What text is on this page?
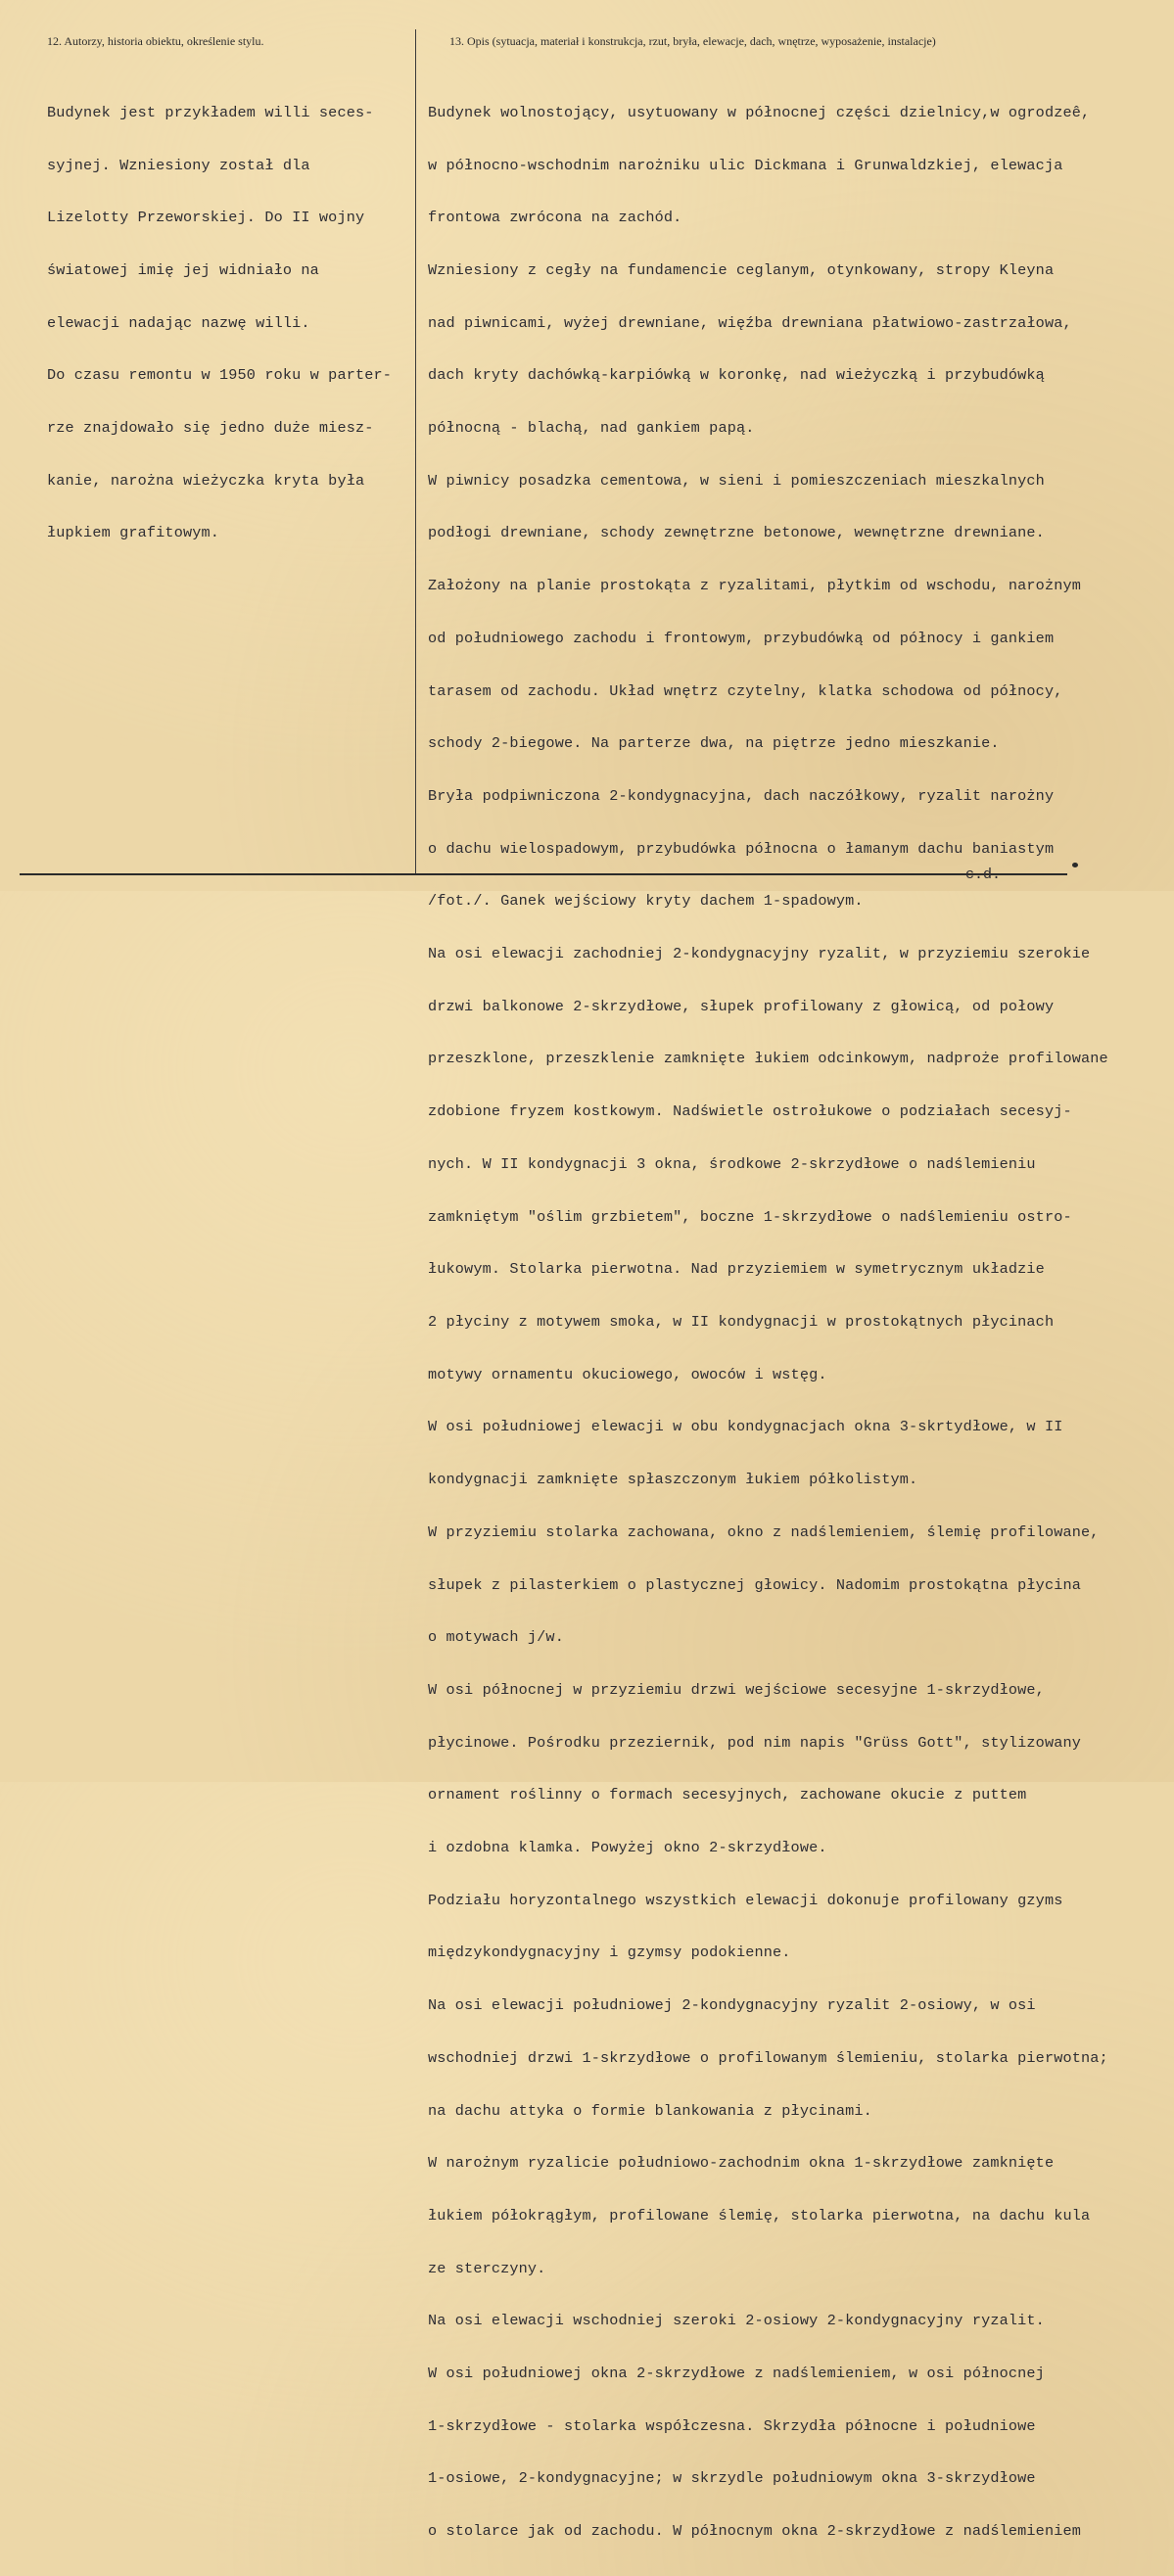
12. Autorzy, historia obiektu, określenie stylu.	13. Opis (sytuacja, materiał i konstrukcja, rzut, bryła, elewacje, dach, wnętrze, wyposażenie, instalacje)

Budynek jest przykładem willi seces-

syjnej. Wzniesiony został dla

Lizelotty Przeworskiej. Do II wojny

światowej imię jej widniało na

elewacji nadając nazwę willi.

Do czasu remontu w 1950 roku w parter-

rze znajdowało się jedno duże miesz-

kanie, narożna wieżyczka kryta była

łupkiem grafitowym.

Budynek wolnostojący, usytuowany w północnej części dzielnicy,w ogrodzeê,

w północno-wschodnim narożniku ulic Dickmana i Grunwaldzkiej, elewacja

frontowa zwrócona na zachód.

Wzniesiony z cegły na fundamencie ceglanym, otynkowany, stropy Kleyna

nad piwnicami, wyżej drewniane, więźba drewniana płatwiowo-zastrzałowa,

dach kryty dachówką-karpiówką w koronkę, nad wieżyczką i przybudówką

północną - blachą, nad gankiem papą.

W piwnicy posadzka cementowa, w sieni i pomieszczeniach mieszkalnych

podłogi drewniane, schody zewnętrzne betonowe, wewnętrzne drewniane.

Założony na planie prostokąta z ryzalitami, płytkim od wschodu, narożnym

od południowego zachodu i frontowym, przybudówką od północy i gankiem

tarasem od zachodu. Układ wnętrz czytelny, klatka schodowa od północy,

schody 2-biegowe. Na parterze dwa, na piętrze jedno mieszkanie.

Bryła podpiwniczona 2-kondygnacyjna, dach naczółkowy, ryzalit narożny

o dachu wielospadowym, przybudówka północna o łamanym dachu baniastym

/fot./. Ganek wejściowy kryty dachem 1-spadowym.

Na osi elewacji zachodniej 2-kondygnacyjny ryzalit, w przyziemiu szerokie

drzwi balkonowe 2-skrzydłowe, słupek profilowany z głowicą, od połowy

przeszklone, przeszklenie zamknięte łukiem odcinkowym, nadproże profilowane

zdobione fryzem kostkowym. Nadświetle ostrołukowe o podziałach secesyj-

nych. W II kondygnacji 3 okna, środkowe 2-skrzydłowe o nadślemieniu

zamkniętym "oślim grzbietem", boczne 1-skrzydłowe o nadślemieniu ostro-

łukowym. Stolarka pierwotna. Nad przyziemiem w symetrycznym układzie

2 płyciny z motywem smoka, w II kondygnacji w prostokątnych płycinach

motywy ornamentu okuciowego, owoców i wstęg.

W osi południowej elewacji w obu kondygnacjach okna 3-skrtydłowe, w II

kondygnacji zamknięte spłaszczonym łukiem półkolistym.

W przyziemiu stolarka zachowana, okno z nadślemieniem, ślemię profilowane,

słupek z pilasterkiem o plastycznej głowicy. Nadomim prostokątna płycina

o motywach j/w.

W osi północnej w przyziemiu drzwi wejściowe secesyjne 1-skrzydłowe,

płycinowe. Pośrodku przeziernik, pod nim napis "Grüss Gott", stylizowany

ornament roślinny o formach secesyjnych, zachowane okucie z puttem

i ozdobna klamka. Powyżej okno 2-skrzydłowe.

Podziału horyzontalnego wszystkich elewacji dokonuje profilowany gzyms

międzykondygnacyjny i gzymsy podokienne.

Na osi elewacji południowej 2-kondygnacyjny ryzalit 2-osiowy, w osi

wschodniej drzwi 1-skrzydłowe o profilowanym ślemieniu, stolarka pierwotna;

na dachu attyka o formie blankowania z płycinami.

W narożnym ryzalicie południowo-zachodnim okna 1-skrzydłowe zamknięte

łukiem półokrągłym, profilowane ślemię, stolarka pierwotna, na dachu kula

ze sterczyny.

Na osi elewacji wschodniej szeroki 2-osiowy 2-kondygnacyjny ryzalit.

W osi południowej okna 2-skrzydłowe z nadślemieniem, w osi północnej

1-skrzydłowe - stolarka współczesna. Skrzydła północne i południowe

1-osiowe, 2-kondygnacyjne; w skrzydle południowym okna 3-skrzydłowe

o stolarce jak od zachodu. W północnym okna 2-skrzydłowe z nadślemieniem

c.d.
